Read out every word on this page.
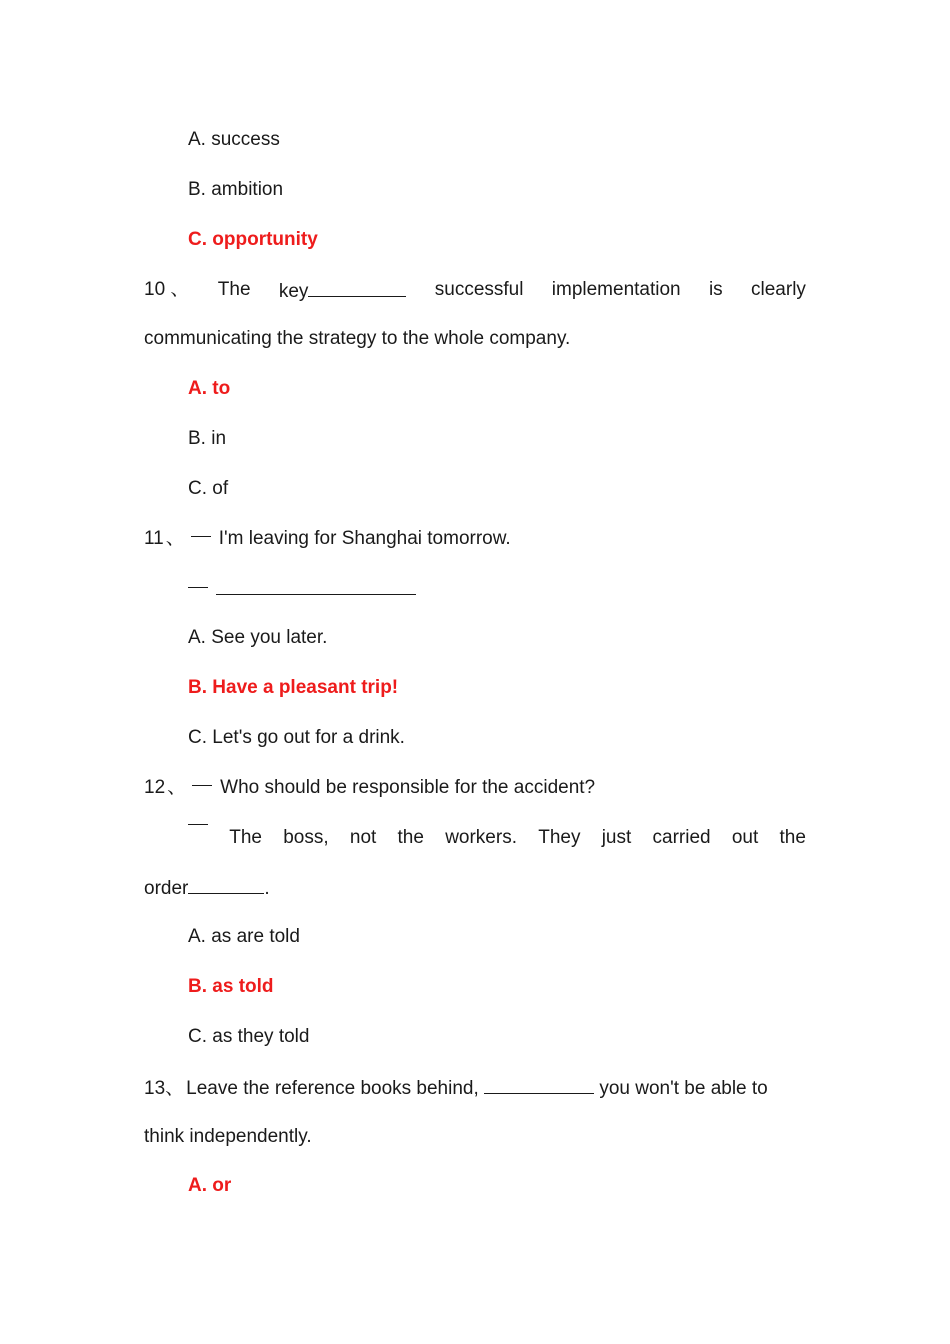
A. success
B. ambition
C. opportunity
10 、 The key	successful implementation is clearly
communicating the strategy to the whole company.
A. to
B. in
C. of
11 、 I'm leaving for Shanghai tomorrow.
A. See you later.
B. Have a pleasant trip!
C. Let's go out for a drink.
12 、 Who should be responsible for the accident?
The boss, not the workers. They just carried out the
order	.
A. as are told
B. as told
C. as they told
13、 Leave the reference books behind,	you won't be able to
think independently.
A. or
